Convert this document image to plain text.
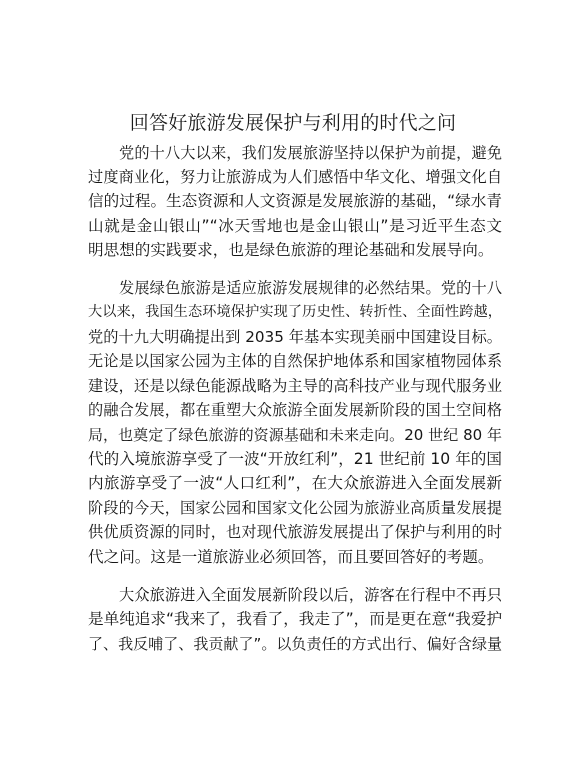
回答好旅游发展保护与利用的时代之问
党的十八大以来，我们发展旅游坚持以保护为前提，避免
过度商业化，努力让旅游成为人们感悟中华文化、增强文化自
信的过程。生态资源和人文资源是发展旅游的基础，“绿水青
山就是金山银山”“冰天雪地也是金山银山”是习近平生态文
明思想的实践要求，也是绿色旅游的理论基础和发展导向。
发展绿色旅游是适应旅游发展规律的必然结果。党的十八
大以来，我国生态环境保护实现了历史性、转折性、全面性跨越，
党的十九大明确提出到 2035 年基本实现美丽中国建设目标。
无论是以国家公园为主体的自然保护地体系和国家植物园体系
建设，还是以绿色能源战略为主导的高科技产业与现代服务业
的融合发展，都在重塑大众旅游全面发展新阶段的国土空间格
局，也奠定了绿色旅游的资源基础和未来走向。20 世纪 80 年
代的入境旅游享受了一波“开放红利”，21 世纪前 10 年的国
内旅游享受了一波“人口红利”，在大众旅游进入全面发展新
阶段的今天，国家公园和国家文化公园为旅游业高质量发展提
供优质资源的同时，也对现代旅游发展提出了保护与利用的时
代之问。这是一道旅游业必须回答，而且要回答好的考题。
大众旅游进入全面发展新阶段以后，游客在行程中不再只
是单纯追求“我来了，我看了，我走了”，而是更在意“我爱护
了、我反哺了、我贡献了”。以负责任的方式出行、偏好含绿量
